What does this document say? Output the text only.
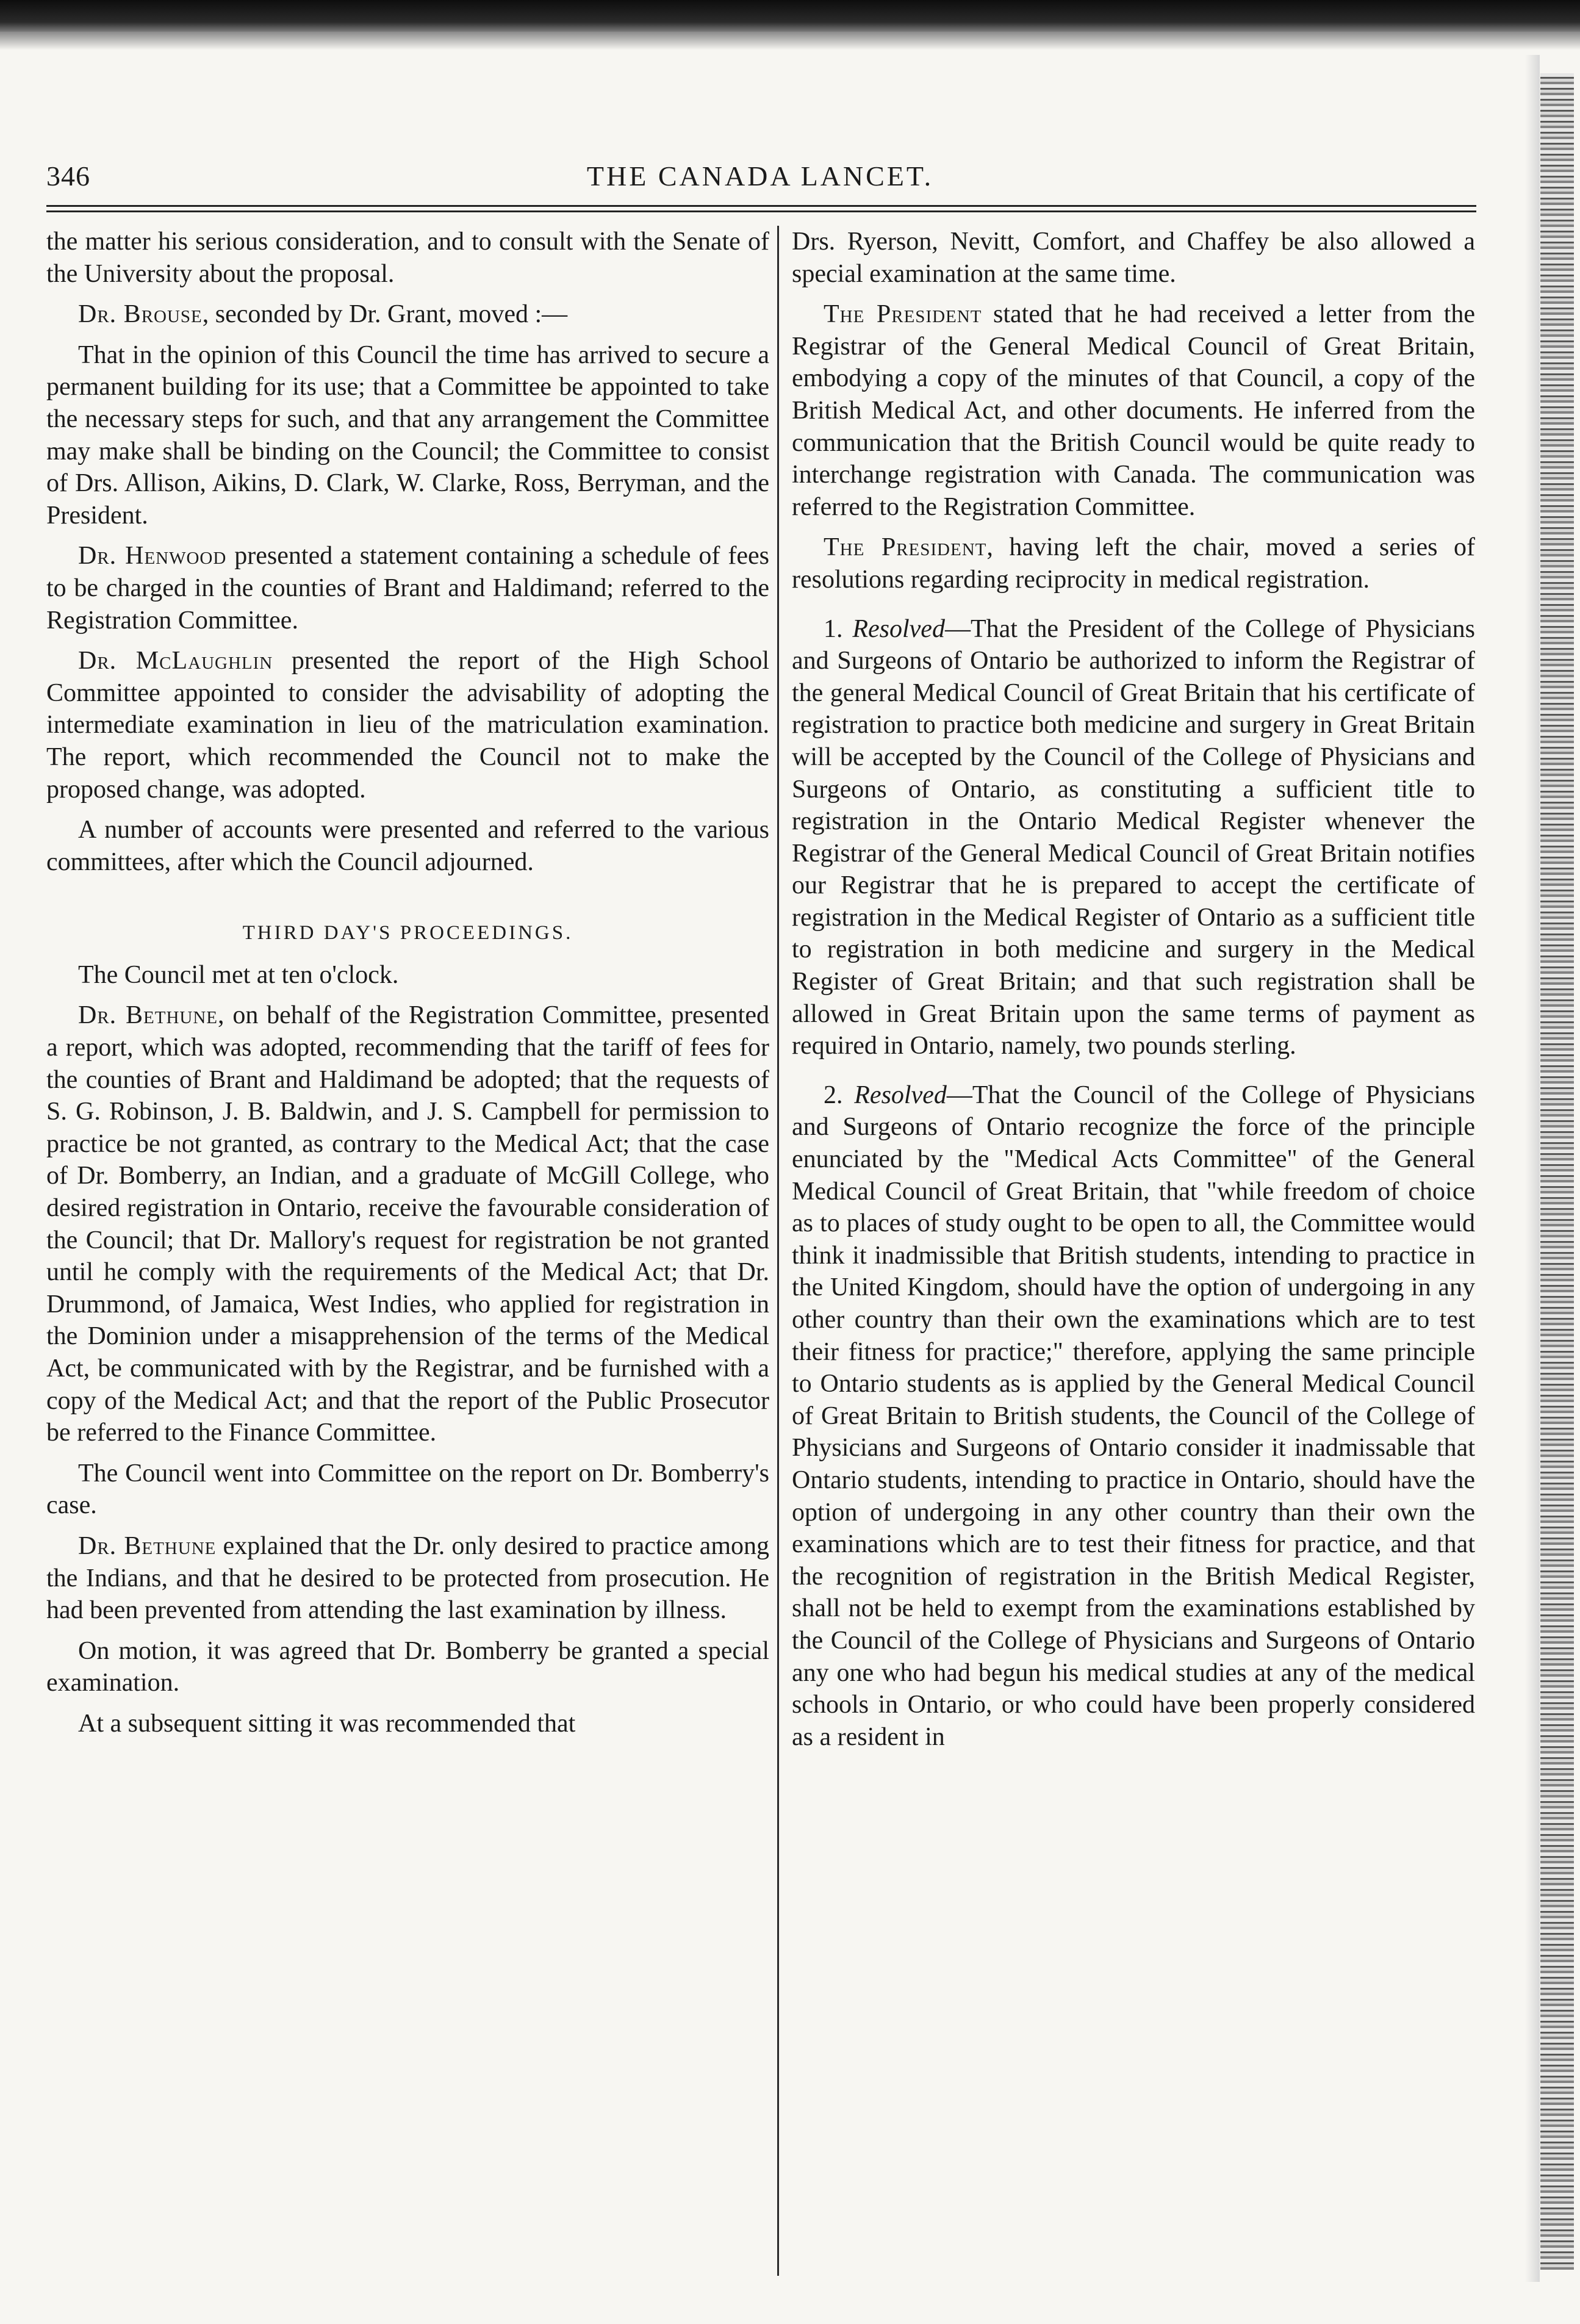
346	THE CANADA LANCET.

the matter his serious consideration, and to consult with the Senate of the University about the proposal.

Dr. Brouse, seconded by Dr. Grant, moved :—

That in the opinion of this Council the time has arrived to secure a permanent building for its use; that a Committee be appointed to take the necessary steps for such, and that any arrangement the Committee may make shall be binding on the Council; the Committee to consist of Drs. Allison, Aikins, D. Clark, W. Clarke, Ross, Berryman, and the President.

Dr. Henwood presented a statement containing a schedule of fees to be charged in the counties of Brant and Haldimand; referred to the Registration Committee.

Dr. McLaughlin presented the report of the High School Committee appointed to consider the advisability of adopting the intermediate examination in lieu of the matriculation examination. The report, which recommended the Council not to make the proposed change, was adopted.

A number of accounts were presented and referred to the various committees, after which the Council adjourned.

THIRD DAY'S PROCEEDINGS.

The Council met at ten o'clock.

Dr. Bethune, on behalf of the Registration Committee, presented a report, which was adopted, recommending that the tariff of fees for the counties of Brant and Haldimand be adopted; that the requests of S. G. Robinson, J. B. Baldwin, and J. S. Campbell for permission to practice be not granted, as contrary to the Medical Act; that the case of Dr. Bomberry, an Indian, and a graduate of McGill College, who desired registration in Ontario, receive the favourable consideration of the Council; that Dr. Mallory's request for registration be not granted until he comply with the requirements of the Medical Act; that Dr. Drummond, of Jamaica, West Indies, who applied for registration in the Dominion under a misapprehension of the terms of the Medical Act, be communicated with by the Registrar, and be furnished with a copy of the Medical Act; and that the report of the Public Prosecutor be referred to the Finance Committee.

The Council went into Committee on the report on Dr. Bomberry's case.

Dr. Bethune explained that the Dr. only desired to practice among the Indians, and that he desired to be protected from prosecution. He had been prevented from attending the last examination by illness.

On motion, it was agreed that Dr. Bomberry be granted a special examination.

At a subsequent sitting it was recommended that

Drs. Ryerson, Nevitt, Comfort, and Chaffey be also allowed a special examination at the same time.

The President stated that he had received a letter from the Registrar of the General Medical Council of Great Britain, embodying a copy of the minutes of that Council, a copy of the British Medical Act, and other documents. He inferred from the communication that the British Council would be quite ready to interchange registration with Canada. The communication was referred to the Registration Committee.

The President, having left the chair, moved a series of resolutions regarding reciprocity in medical registration.

1. Resolved—That the President of the College of Physicians and Surgeons of Ontario be authorized to inform the Registrar of the general Medical Council of Great Britain that his certificate of registration to practice both medicine and surgery in Great Britain will be accepted by the Council of the College of Physicians and Surgeons of Ontario, as constituting a sufficient title to registration in the Ontario Medical Register whenever the Registrar of the General Medical Council of Great Britain notifies our Registrar that he is prepared to accept the certificate of registration in the Medical Register of Ontario as a sufficient title to registration in both medicine and surgery in the Medical Register of Great Britain; and that such registration shall be allowed in Great Britain upon the same terms of payment as required in Ontario, namely, two pounds sterling.

2. Resolved—That the Council of the College of Physicians and Surgeons of Ontario recognize the force of the principle enunciated by the "Medical Acts Committee" of the General Medical Council of Great Britain, that "while freedom of choice as to places of study ought to be open to all, the Committee would think it inadmissible that British students, intending to practice in the United Kingdom, should have the option of undergoing in any other country than their own the examinations which are to test their fitness for practice;" therefore, applying the same principle to Ontario students as is applied by the General Medical Council of Great Britain to British students, the Council of the College of Physicians and Surgeons of Ontario consider it inadmissable that Ontario students, intending to practice in Ontario, should have the option of undergoing in any other country than their own the examinations which are to test their fitness for practice, and that the recognition of registration in the British Medical Register, shall not be held to exempt from the examinations established by the Council of the College of Physicians and Surgeons of Ontario any one who had begun his medical studies at any of the medical schools in Ontario, or who could have been properly considered as a resident in
